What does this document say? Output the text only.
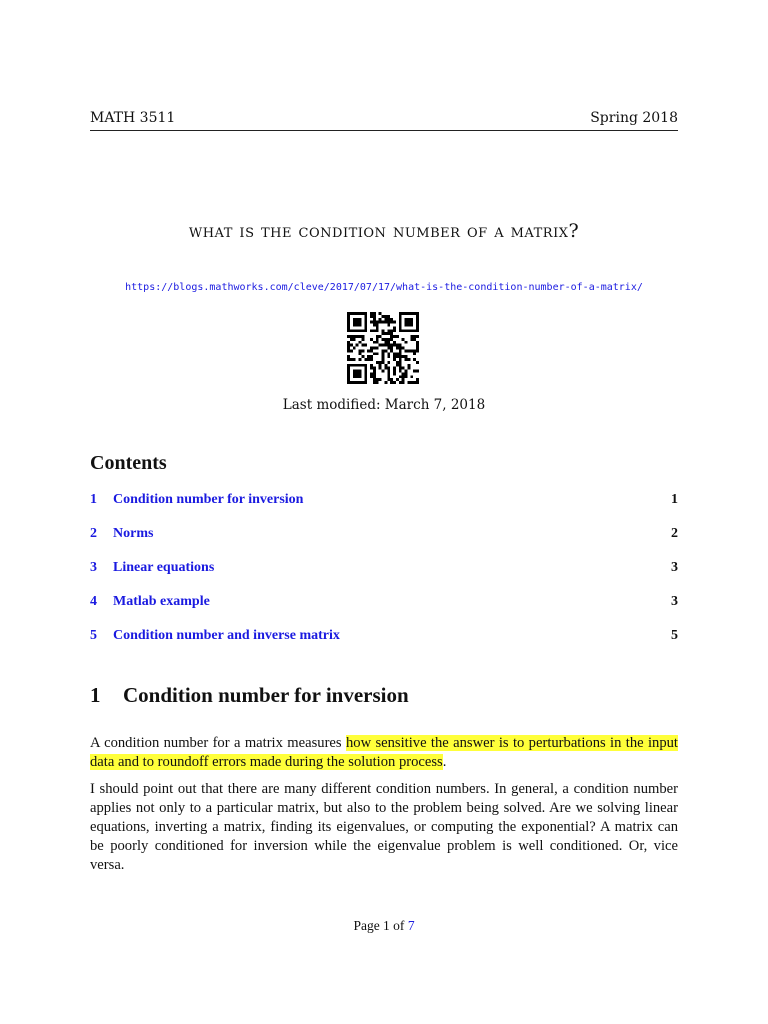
MATH 3511	Spring 2018
what is the condition number of a matrix?
https://blogs.mathworks.com/cleve/2017/07/17/what-is-the-condition-number-of-a-matrix/
Last modified: March 7, 2018
Contents
1 Condition number for inversion	1
2 Norms	2
3 Linear equations	3
4 Matlab example	3
5 Condition number and inverse matrix	5
1 Condition number for inversion
A condition number for a matrix measures how sensitive the answer is to perturbations in the input data and to roundoff errors made during the solution process.
I should point out that there are many different condition numbers. In general, a condition number applies not only to a particular matrix, but also to the problem being solved. Are we solving linear equations, inverting a matrix, finding its eigenvalues, or computing the exponential? A matrix can be poorly conditioned for inversion while the eigenvalue problem is well conditioned. Or, vice versa.
Page 1 of 7
